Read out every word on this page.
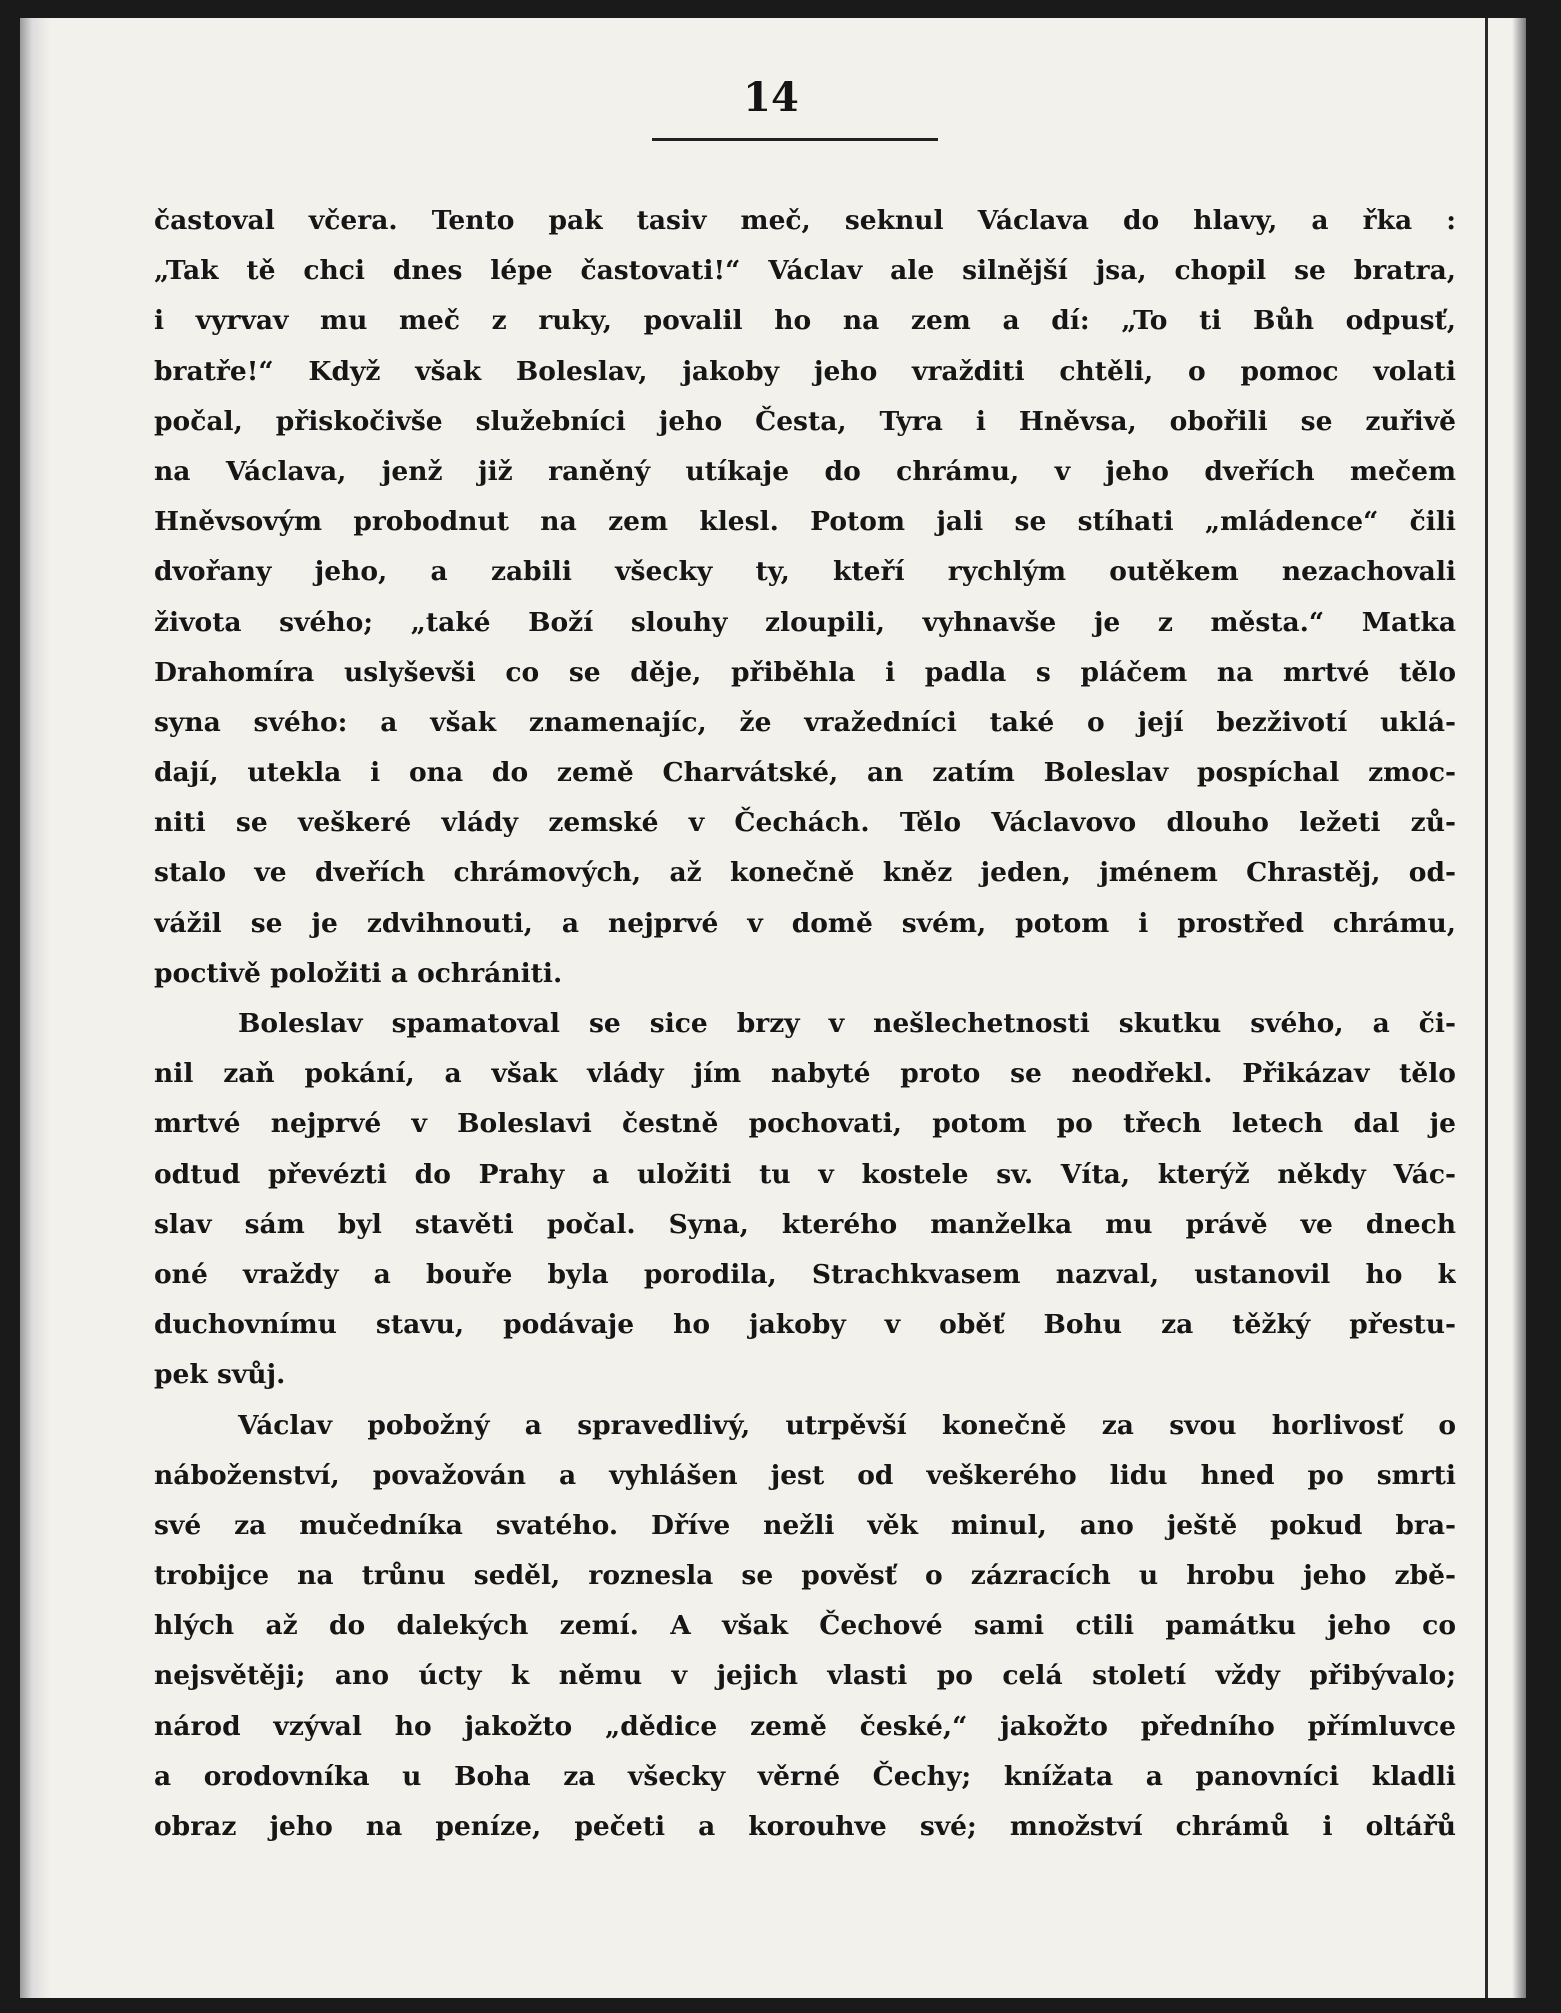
14
častoval včera. Tento pak tasiv meč, seknul Václava do hlavy, a řka :
„Tak tě chci dnes lépe častovati!“ Václav ale silnější jsa, chopil se bratra,
i vyrvav mu meč z ruky, povalil ho na zem a dí: „To ti Bůh odpusť,
bratře!“ Když však Boleslav, jakoby jeho vražditi chtěli, o pomoc volati
počal, přiskočivše služebníci jeho Česta, Tyra i Hněvsa, obořili se zuřivě
na Václava, jenž již raněný utíkaje do chrámu, v jeho dveřích mečem
Hněvsovým probodnut na zem klesl. Potom jali se stíhati „mládence“ čili
dvořany jeho, a zabili všecky ty, kteří rychlým outěkem nezachovali
života svého; „také Boží slouhy zloupili, vyhnavše je z města.“ Matka
Drahomíra uslyševši co se děje, přiběhla i padla s pláčem na mrtvé tělo
syna svého: a však znamenajíc, že vražedníci také o její bezživotí uklá-
dají, utekla i ona do země Charvátské, an zatím Boleslav pospíchal zmoc-
niti se veškeré vlády zemské v Čechách. Tělo Václavovo dlouho ležeti zů-
stalo ve dveřích chrámových, až konečně kněz jeden, jménem Chrastěj, od-
vážil se je zdvihnouti, a nejprvé v domě svém, potom i prostřed chrámu,
poctivě položiti a ochrániti.
Boleslav spamatoval se sice brzy v nešlechetnosti skutku svého, a či-
nil zaň pokání, a však vlády jím nabyté proto se neodřekl. Přikázav tělo
mrtvé nejprvé v Boleslavi čestně pochovati, potom po třech letech dal je
odtud převézti do Prahy a uložiti tu v kostele sv. Víta, kterýž někdy Vác-
slav sám byl stavěti počal. Syna, kterého manželka mu právě ve dnech
oné vraždy a bouře byla porodila, Strachkvasem nazval, ustanovil ho k
duchovnímu stavu, podávaje ho jakoby v oběť Bohu za těžký přestu-
pek svůj.
Václav pobožný a spravedlivý, utrpěvší konečně za svou horlivosť o
náboženství, považován a vyhlášen jest od veškerého lidu hned po smrti
své za mučedníka svatého. Dříve nežli věk minul, ano ještě pokud bra-
trobijce na trůnu seděl, roznesla se pověsť o zázracích u hrobu jeho zbě-
hlých až do dalekých zemí. A však Čechové sami ctili památku jeho co
nejsvětěji; ano úcty k němu v jejich vlasti po celá století vždy přibývalo;
národ vzýval ho jakožto „dědice země české,“ jakožto předního přímluvce
a orodovníka u Boha za všecky věrné Čechy; knížata a panovníci kladli
obraz jeho na peníze, pečeti a korouhve své; množství chrámů i oltářů
